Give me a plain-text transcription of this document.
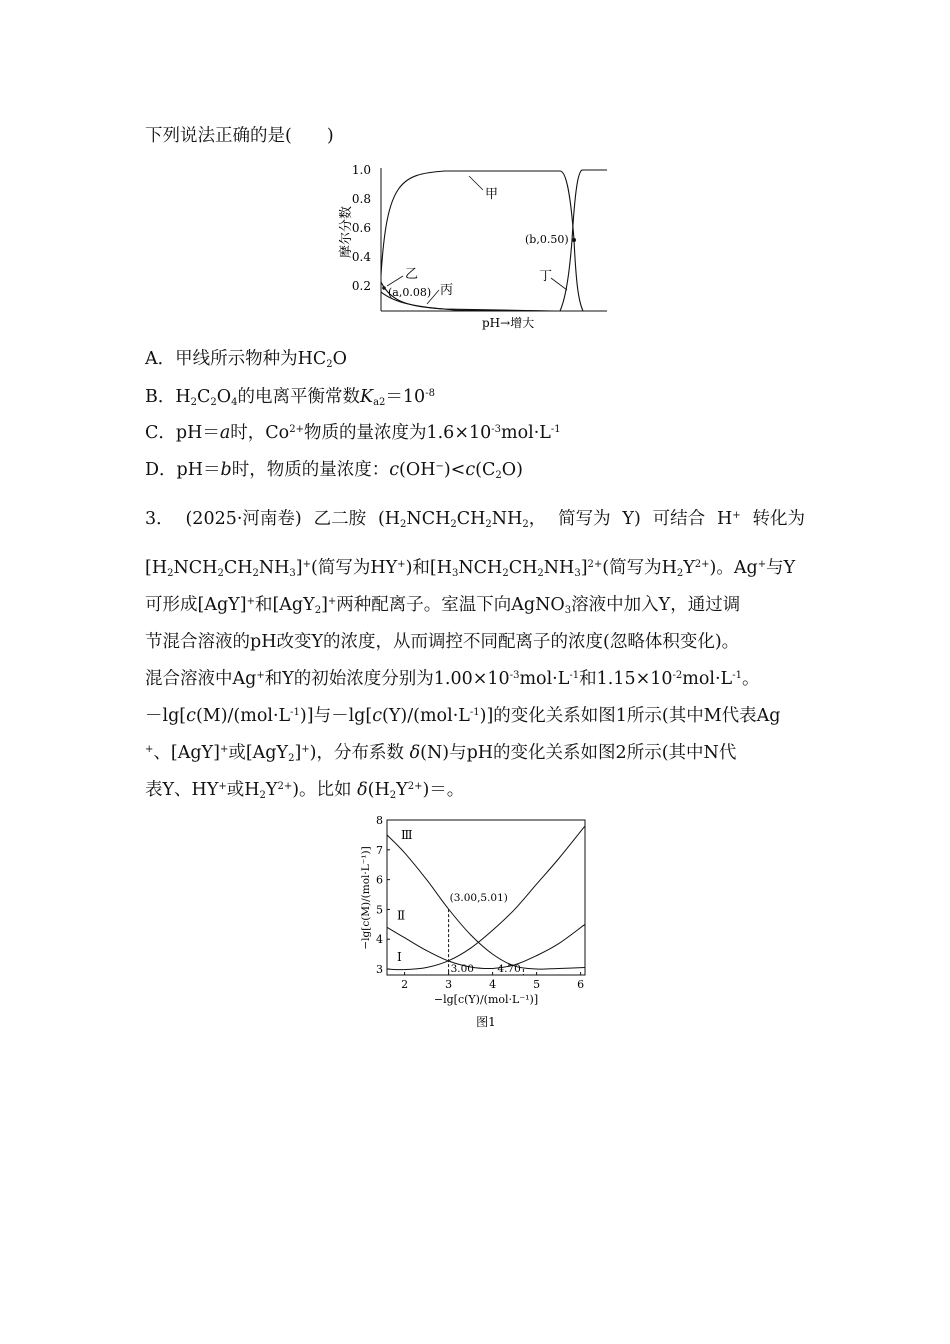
下列说法正确的是(　　)
1.0
0.8
0.6
0.4
0.2
摩尔分数
甲
乙
丙
丁
(a,0.08)
(b,0.50)
pH→增大
A．甲线所示物种为$HC_2O$
B．$H_2C_2O_4$的电离平衡常数$K_{a2}=10^{-8}$
C．pH＝a时，$Co^{2+}$物质的量浓度为$1.6\times 10^{-3}mol\cdot L^{-1}$
D．pH＝b时，物质的量浓度：$c(OH^-)<c(C_2O)$
3． (2025·河南卷) 乙二胺 ($H_2NCH_2CH_2NH_2$， 简写为 Y) 可结合 H+ 转化为
$[H_2NCH_2CH_2NH_3]^+$(简写为HY+)和$[H_3NCH_2CH_2NH_3]^{2+}$(简写为$H_2Y^{2+}$)。Ag+与Y
可形成[AgY]+和[AgY$_2$]+两种配离子。室温下向AgNO$_3$溶液中加入Y，通过调
节混合溶液的pH改变Y的浓度，从而调控不同配离子的浓度(忽略体积变化)。
混合溶液中Ag+和Y的初始浓度分别为$1.00\times 10^{-3}mol\cdot L^{-1}$和$1.15\times 10^{-2}mol\cdot L^{-1}$。
$-\lg[c(M)/(mol\cdot L^{-1})]$与$-\lg[c(Y)/(mol\cdot L^{-1})]$的变化关系如图1所示(其中M代表Ag
+、[AgY]+或[AgY$_2$]+)，分布系数 δ(N)与pH的变化关系如图2所示(其中N代
表Y、HY+或$H_2Y^{2+}$)。比如 $\delta(H_2Y^{2+})=$。
3
4
5
6
7
8
2	3	4	5	6
Ⅰ
Ⅱ
Ⅲ
(3.00,5.01)
3.00 4.70
−lg[c(M)/(mol·L⁻¹)]
−lg[c(Y)/(mol·L⁻¹)]
图1
